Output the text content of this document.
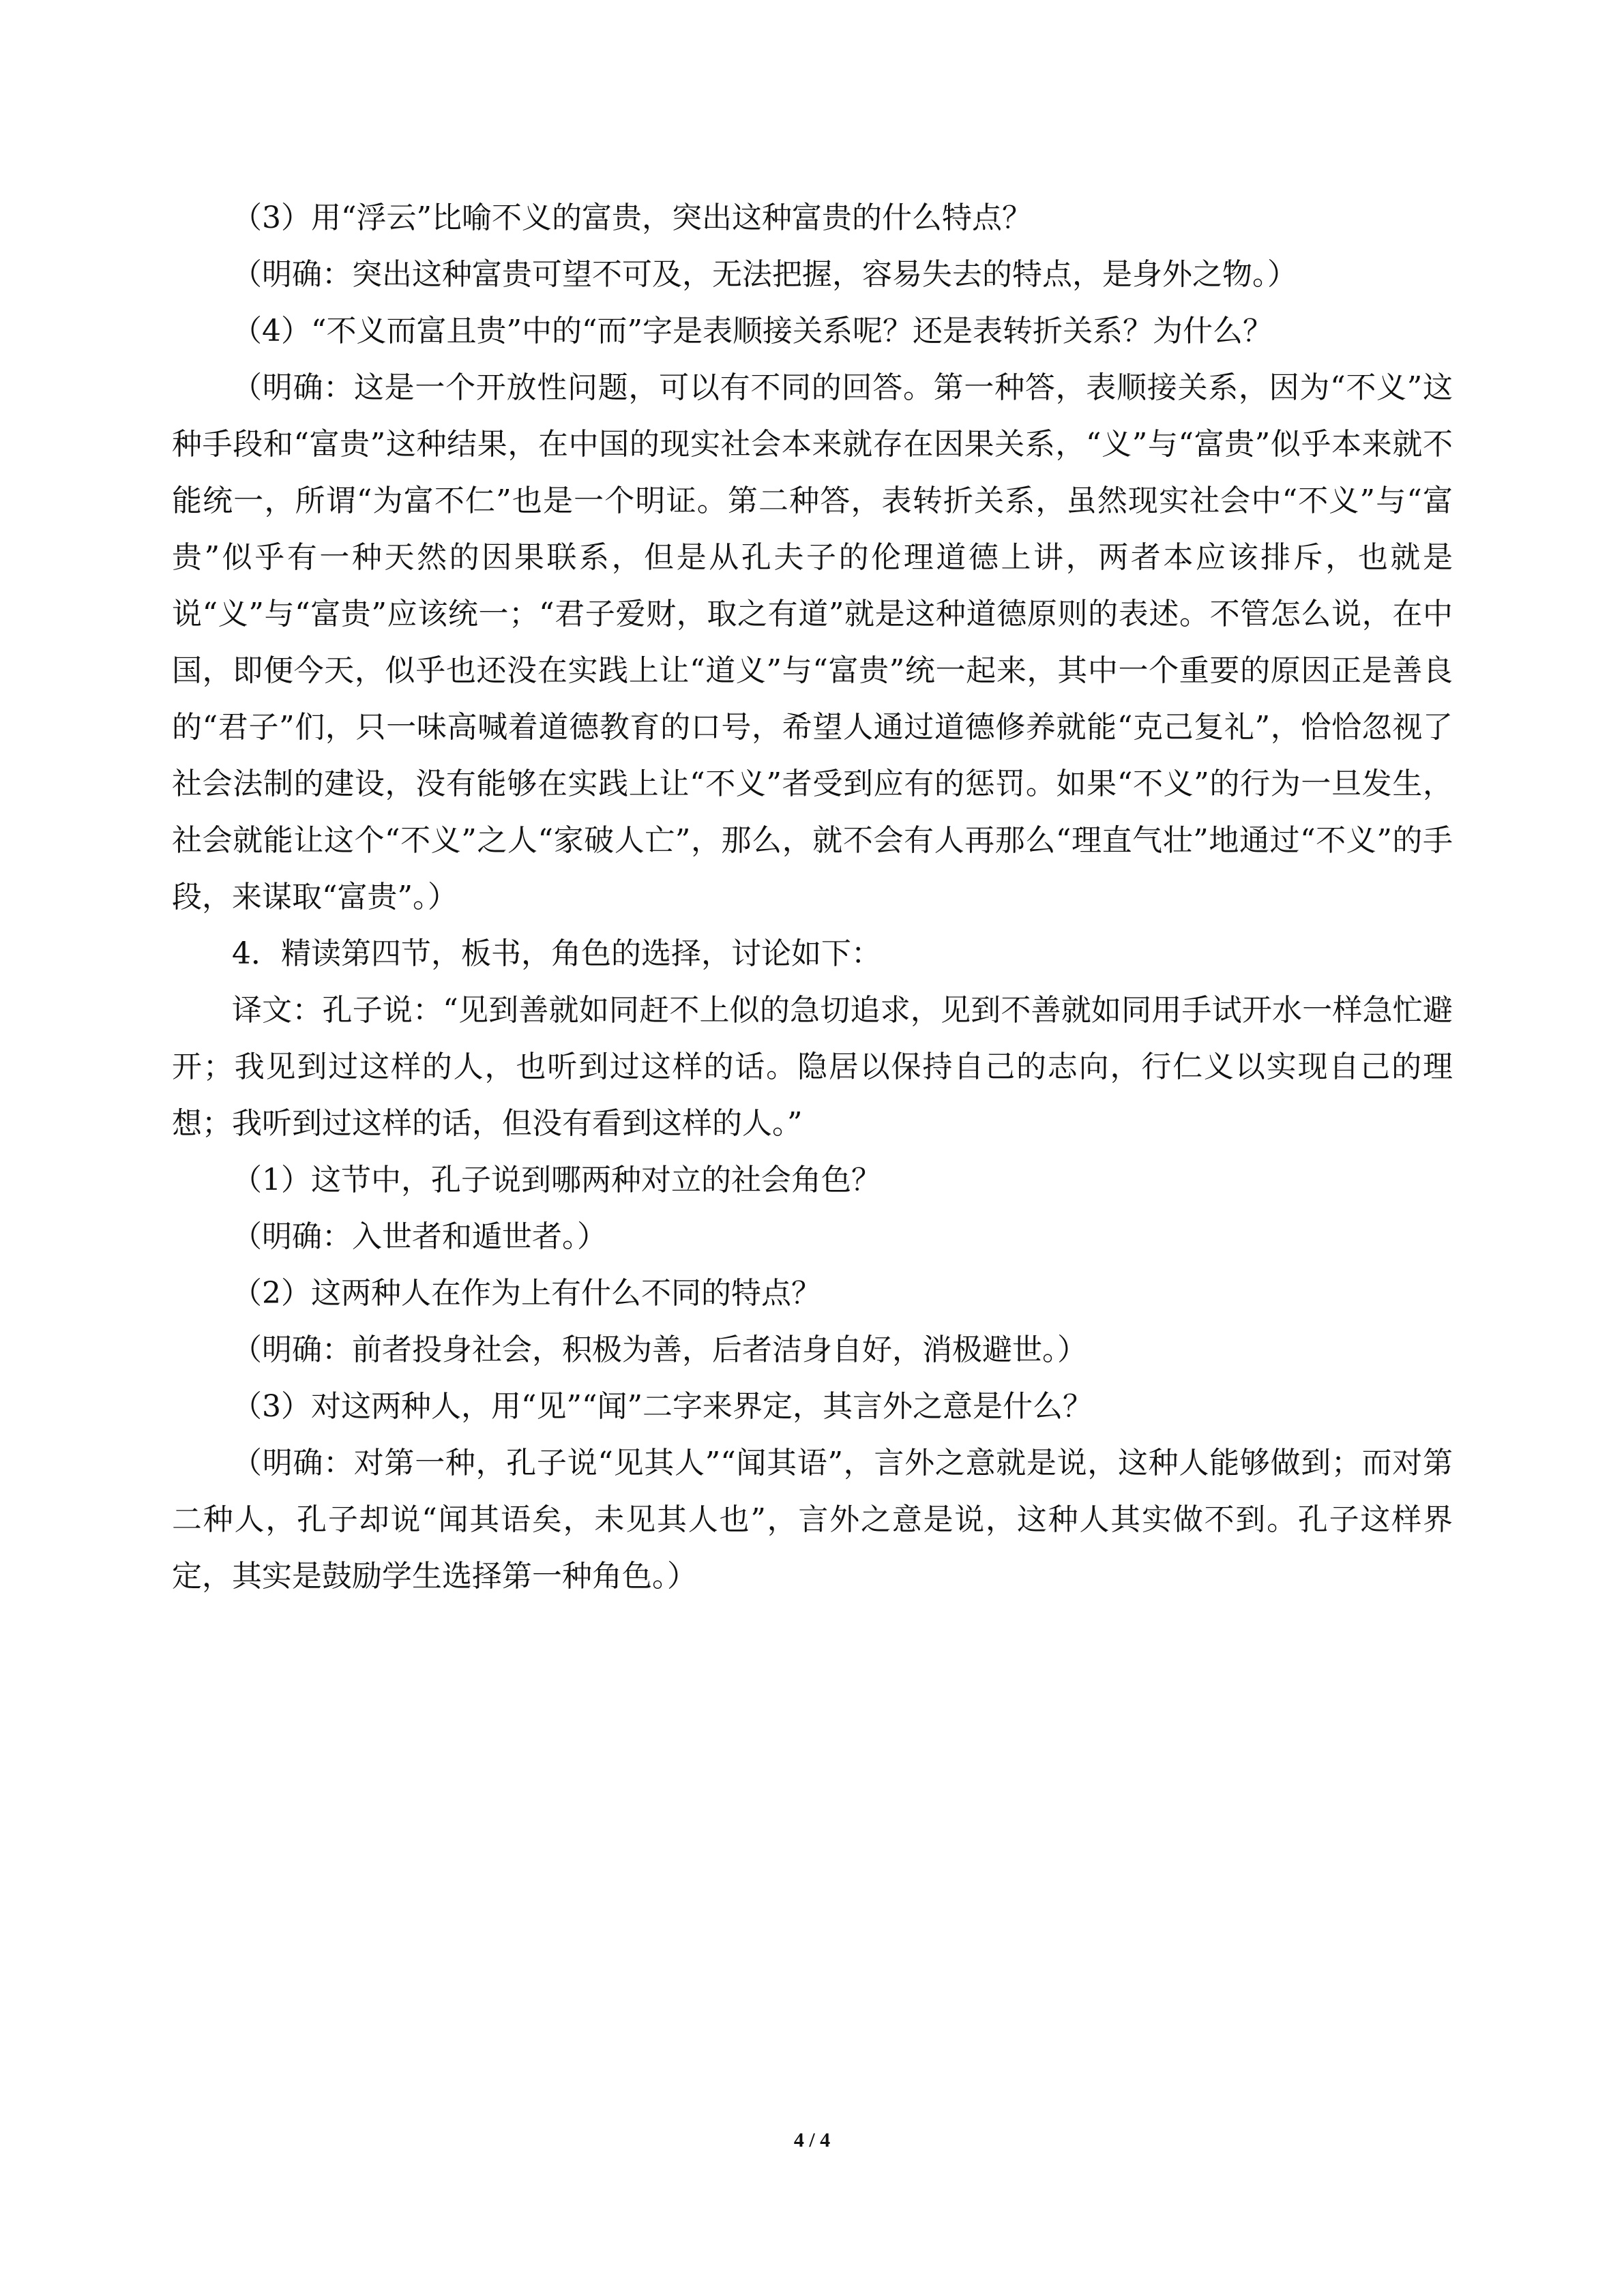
（3）用“浮云”比喻不义的富贵，突出这种富贵的什么特点？

（明确：突出这种富贵可望不可及，无法把握，容易失去的特点，是身外之物。）

（4）“不义而富且贵”中的“而”字是表顺接关系呢？还是表转折关系？为什么？

（明确：这是一个开放性问题，可以有不同的回答。第一种答，表顺接关系，因为“不义”这种手段和“富贵”这种结果，在中国的现实社会本来就存在因果关系，“义”与“富贵”似乎本来就不能统一，所谓“为富不仁”也是一个明证。第二种答，表转折关系，虽然现实社会中“不义”与“富贵”似乎有一种天然的因果联系，但是从孔夫子的伦理道德上讲，两者本应该排斥，也就是说“义”与“富贵”应该统一；“君子爱财，取之有道”就是这种道德原则的表述。不管怎么说，在中国，即便今天，似乎也还没在实践上让“道义”与“富贵”统一起来，其中一个重要的原因正是善良的“君子”们，只一味高喊着道德教育的口号，希望人通过道德修养就能“克己复礼”，恰恰忽视了社会法制的建设，没有能够在实践上让“不义”者受到应有的惩罚。如果“不义”的行为一旦发生，社会就能让这个“不义”之人“家破人亡”，那么，就不会有人再那么“理直气壮”地通过“不义”的手段，来谋取“富贵”。）

4．精读第四节，板书，角色的选择，讨论如下：

译文：孔子说：“见到善就如同赶不上似的急切追求，见到不善就如同用手试开水一样急忙避开；我见到过这样的人，也听到过这样的话。隐居以保持自己的志向，行仁义以实现自己的理想；我听到过这样的话，但没有看到这样的人。”

（1）这节中，孔子说到哪两种对立的社会角色？

（明确：入世者和遁世者。）

（2）这两种人在作为上有什么不同的特点？

（明确：前者投身社会，积极为善，后者洁身自好，消极避世。）

（3）对这两种人，用“见”“闻”二字来界定，其言外之意是什么？

（明确：对第一种，孔子说“见其人”“闻其语”，言外之意就是说，这种人能够做到；而对第二种人，孔子却说“闻其语矣，未见其人也”，言外之意是说，这种人其实做不到。孔子这样界定，其实是鼓励学生选择第一种角色。）

4 / 4
